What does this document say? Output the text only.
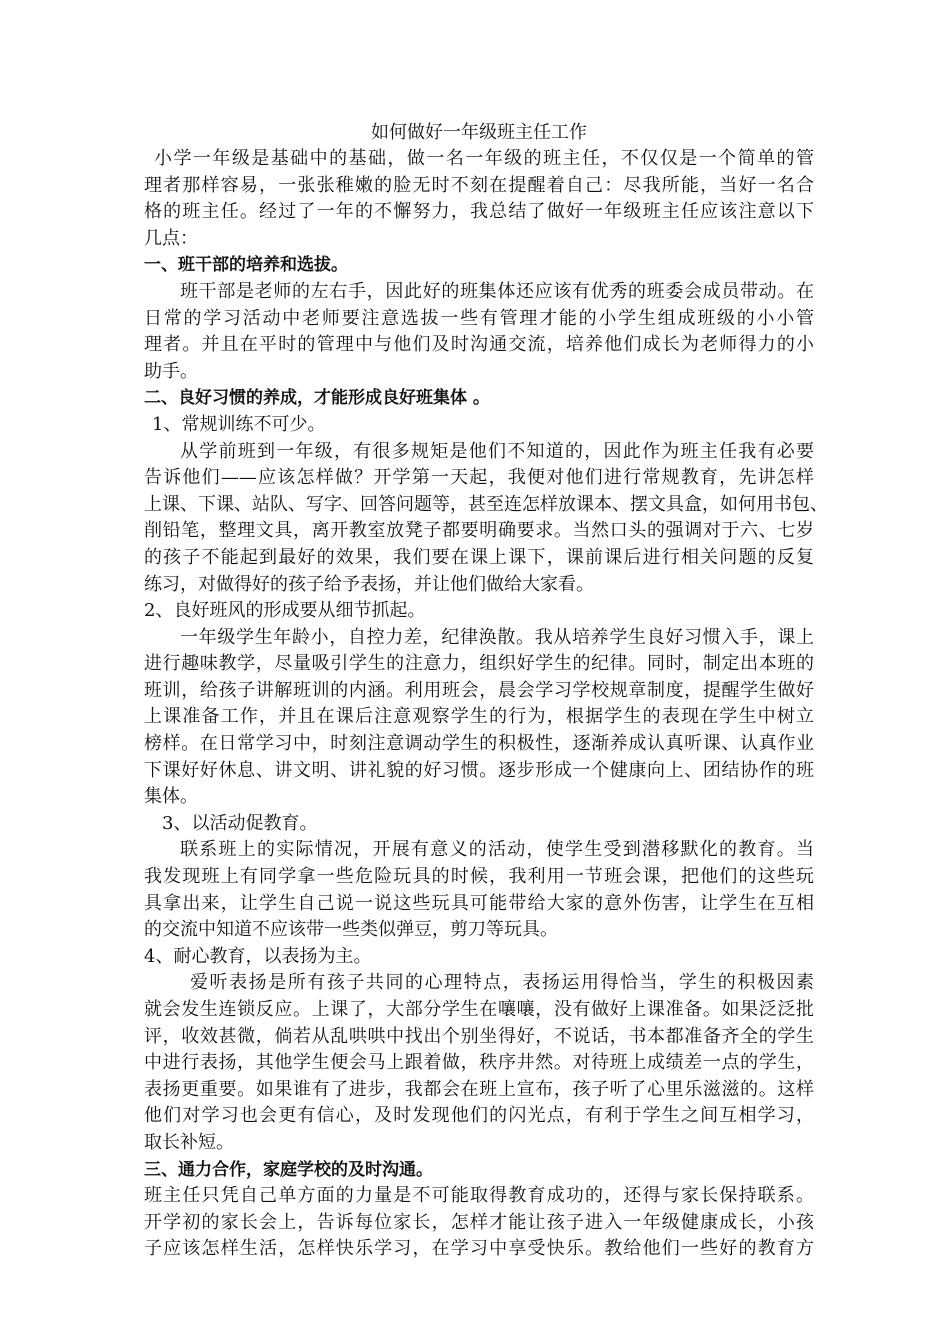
如何做好一年级班主任工作
小学一年级是基础中的基础，做一名一年级的班主任，不仅仅是一个简单的管
理者那样容易，一张张稚嫩的脸无时不刻在提醒着自己：尽我所能，当好一名合
格的班主任。经过了一年的不懈努力，我总结了做好一年级班主任应该注意以下
几点：
一、班干部的培养和选拔。
班干部是老师的左右手，因此好的班集体还应该有优秀的班委会成员带动。在
日常的学习活动中老师要注意选拔一些有管理才能的小学生组成班级的小小管
理者。并且在平时的管理中与他们及时沟通交流，培养他们成长为老师得力的小
助手。
二、良好习惯的养成，才能形成良好班集体 。
1、常规训练不可少。
从学前班到一年级，有很多规矩是他们不知道的，因此作为班主任我有必要
告诉他们——应该怎样做？开学第一天起，我便对他们进行常规教育，先讲怎样
上课、下课、站队、写字、回答问题等，甚至连怎样放课本、摆文具盒，如何用书包、
削铅笔，整理文具，离开教室放凳子都要明确要求。当然口头的强调对于六、七岁
的孩子不能起到最好的效果，我们要在课上课下，课前课后进行相关问题的反复
练习，对做得好的孩子给予表扬，并让他们做给大家看。
2、良好班风的形成要从细节抓起。
一年级学生年龄小，自控力差，纪律涣散。我从培养学生良好习惯入手，课上
进行趣味教学，尽量吸引学生的注意力，组织好学生的纪律。同时，制定出本班的
班训，给孩子讲解班训的内涵。利用班会，晨会学习学校规章制度，提醒学生做好
上课准备工作，并且在课后注意观察学生的行为，根据学生的表现在学生中树立
榜样。在日常学习中，时刻注意调动学生的积极性，逐渐养成认真听课、认真作业
下课好好休息、讲文明、讲礼貌的好习惯。逐步形成一个健康向上、团结协作的班
集体。
3、以活动促教育。
联系班上的实际情况，开展有意义的活动，使学生受到潜移默化的教育。当
我发现班上有同学拿一些危险玩具的时候，我利用一节班会课，把他们的这些玩
具拿出来，让学生自己说一说这些玩具可能带给大家的意外伤害，让学生在互相
的交流中知道不应该带一些类似弹豆，剪刀等玩具。
4、耐心教育，以表扬为主。
爱听表扬是所有孩子共同的心理特点，表扬运用得恰当，学生的积极因素
就会发生连锁反应。上课了，大部分学生在嚷嚷，没有做好上课准备。如果泛泛批
评，收效甚微，倘若从乱哄哄中找出个别坐得好，不说话，书本都准备齐全的学生
中进行表扬，其他学生便会马上跟着做，秩序井然。对待班上成绩差一点的学生，
表扬更重要。如果谁有了进步，我都会在班上宣布，孩子听了心里乐滋滋的。这样
他们对学习也会更有信心，及时发现他们的闪光点，有利于学生之间互相学习，
取长补短。
三、通力合作，家庭学校的及时沟通。
班主任只凭自己单方面的力量是不可能取得教育成功的，还得与家长保持联系。
开学初的家长会上，告诉每位家长，怎样才能让孩子进入一年级健康成长，小孩
子应该怎样生活，怎样快乐学习，在学习中享受快乐。教给他们一些好的教育方
